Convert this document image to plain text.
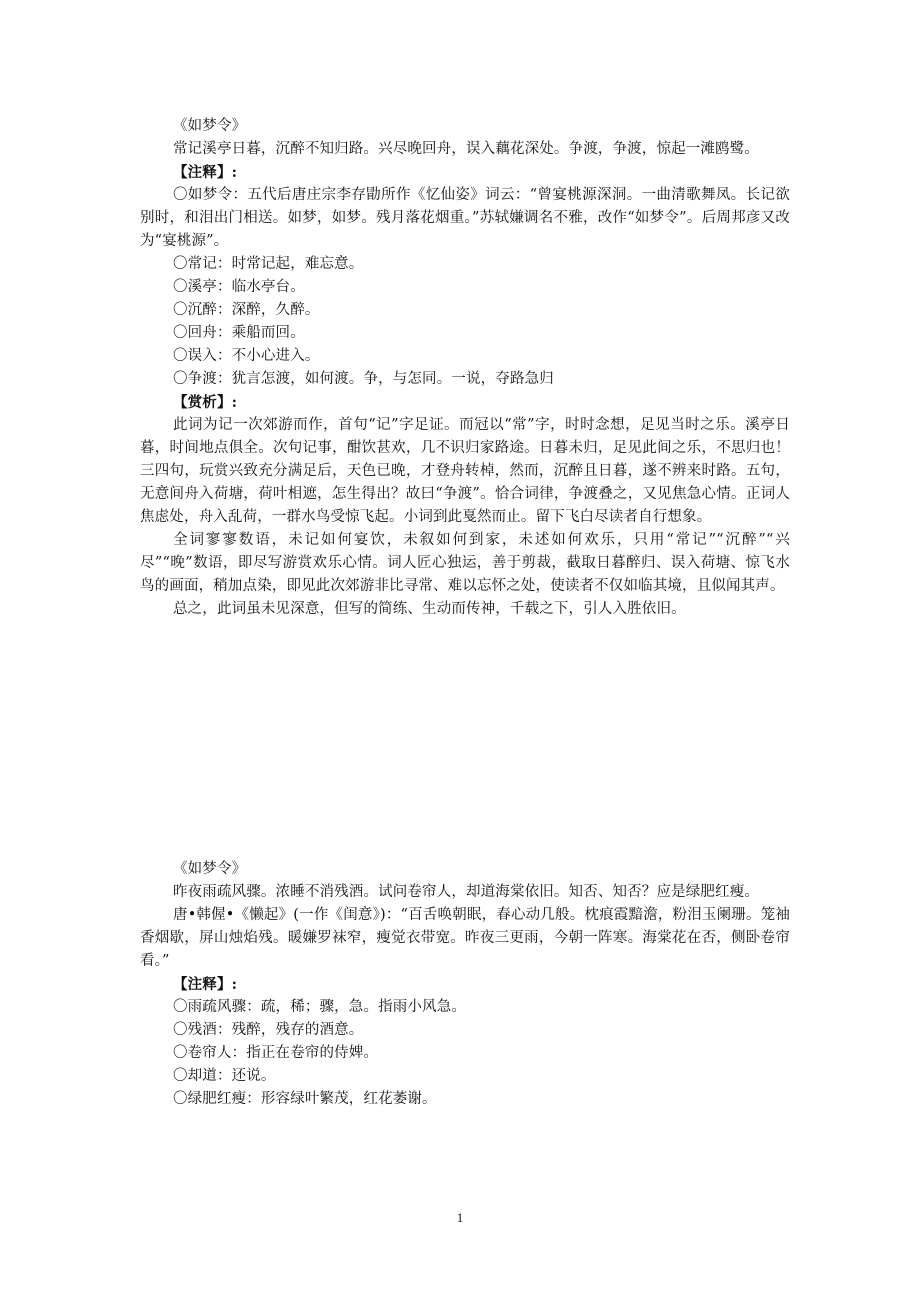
《如梦令》

常记溪亭日暮，沉醉不知归路。兴尽晚回舟，误入藕花深处。争渡，争渡，惊起一滩鸥鹭。

【注释】:

〇如梦令：五代后唐庄宗李存勖所作《忆仙姿》词云：“曾宴桃源深洞。一曲清歌舞凤。长记欲别时，和泪出门相送。如梦，如梦。残月落花烟重。”苏轼嫌调名不雅，改作“如梦令”。后周邦彦又改为“宴桃源”。

〇常记：时常记起，难忘意。

〇溪亭：临水亭台。

〇沉醉：深醉，久醉。

〇回舟：乘船而回。

〇误入：不小心进入。

〇争渡：犹言怎渡，如何渡。争，与怎同。一说，夺路急归

【赏析】:

此词为记一次郊游而作，首句“记”字足证。而冠以“常”字，时时念想，足见当时之乐。溪亭日暮，时间地点俱全。次句记事，酣饮甚欢，几不识归家路途。日暮未归，足见此间之乐，不思归也！三四句，玩赏兴致充分满足后，天色已晚，才登舟转棹，然而，沉醉且日暮，遂不辨来时路。五句，无意间舟入荷塘，荷叶相遮，怎生得出？故曰“争渡”。恰合词律，争渡叠之，又见焦急心情。正词人焦虑处，舟入乱荷，一群水鸟受惊飞起。小词到此戛然而止。留下飞白尽读者自行想象。

全词寥寥数语，未记如何宴饮，未叙如何到家，未述如何欢乐，只用“常记”“沉醉”“兴尽”“晚”数语，即尽写游赏欢乐心情。词人匠心独运，善于剪裁，截取日暮醉归、误入荷塘、惊飞水鸟的画面，稍加点染，即见此次郊游非比寻常、难以忘怀之处，使读者不仅如临其境，且似闻其声。

总之，此词虽未见深意，但写的简练、生动而传神，千载之下，引人入胜依旧。

《如梦令》

昨夜雨疏风骤。浓睡不消残酒。试问卷帘人，却道海棠依旧。知否、知否？应是绿肥红瘦。

唐•韩偓•《懒起》(一作《闺意》)：“百舌唤朝眠，春心动几般。枕痕霞黯澹，粉泪玉阑珊。笼袖香烟歇，屏山烛焰残。暖嫌罗袜窄，瘦觉衣带宽。昨夜三更雨，今朝一阵寒。海棠花在否，侧卧卷帘看。”

【注释】:

〇雨疏风骤：疏，稀；骤，急。指雨小风急。

〇残酒：残醉，残存的酒意。

〇卷帘人：指正在卷帘的侍婢。

〇却道：还说。

〇绿肥红瘦：形容绿叶繁茂，红花萎谢。

1
